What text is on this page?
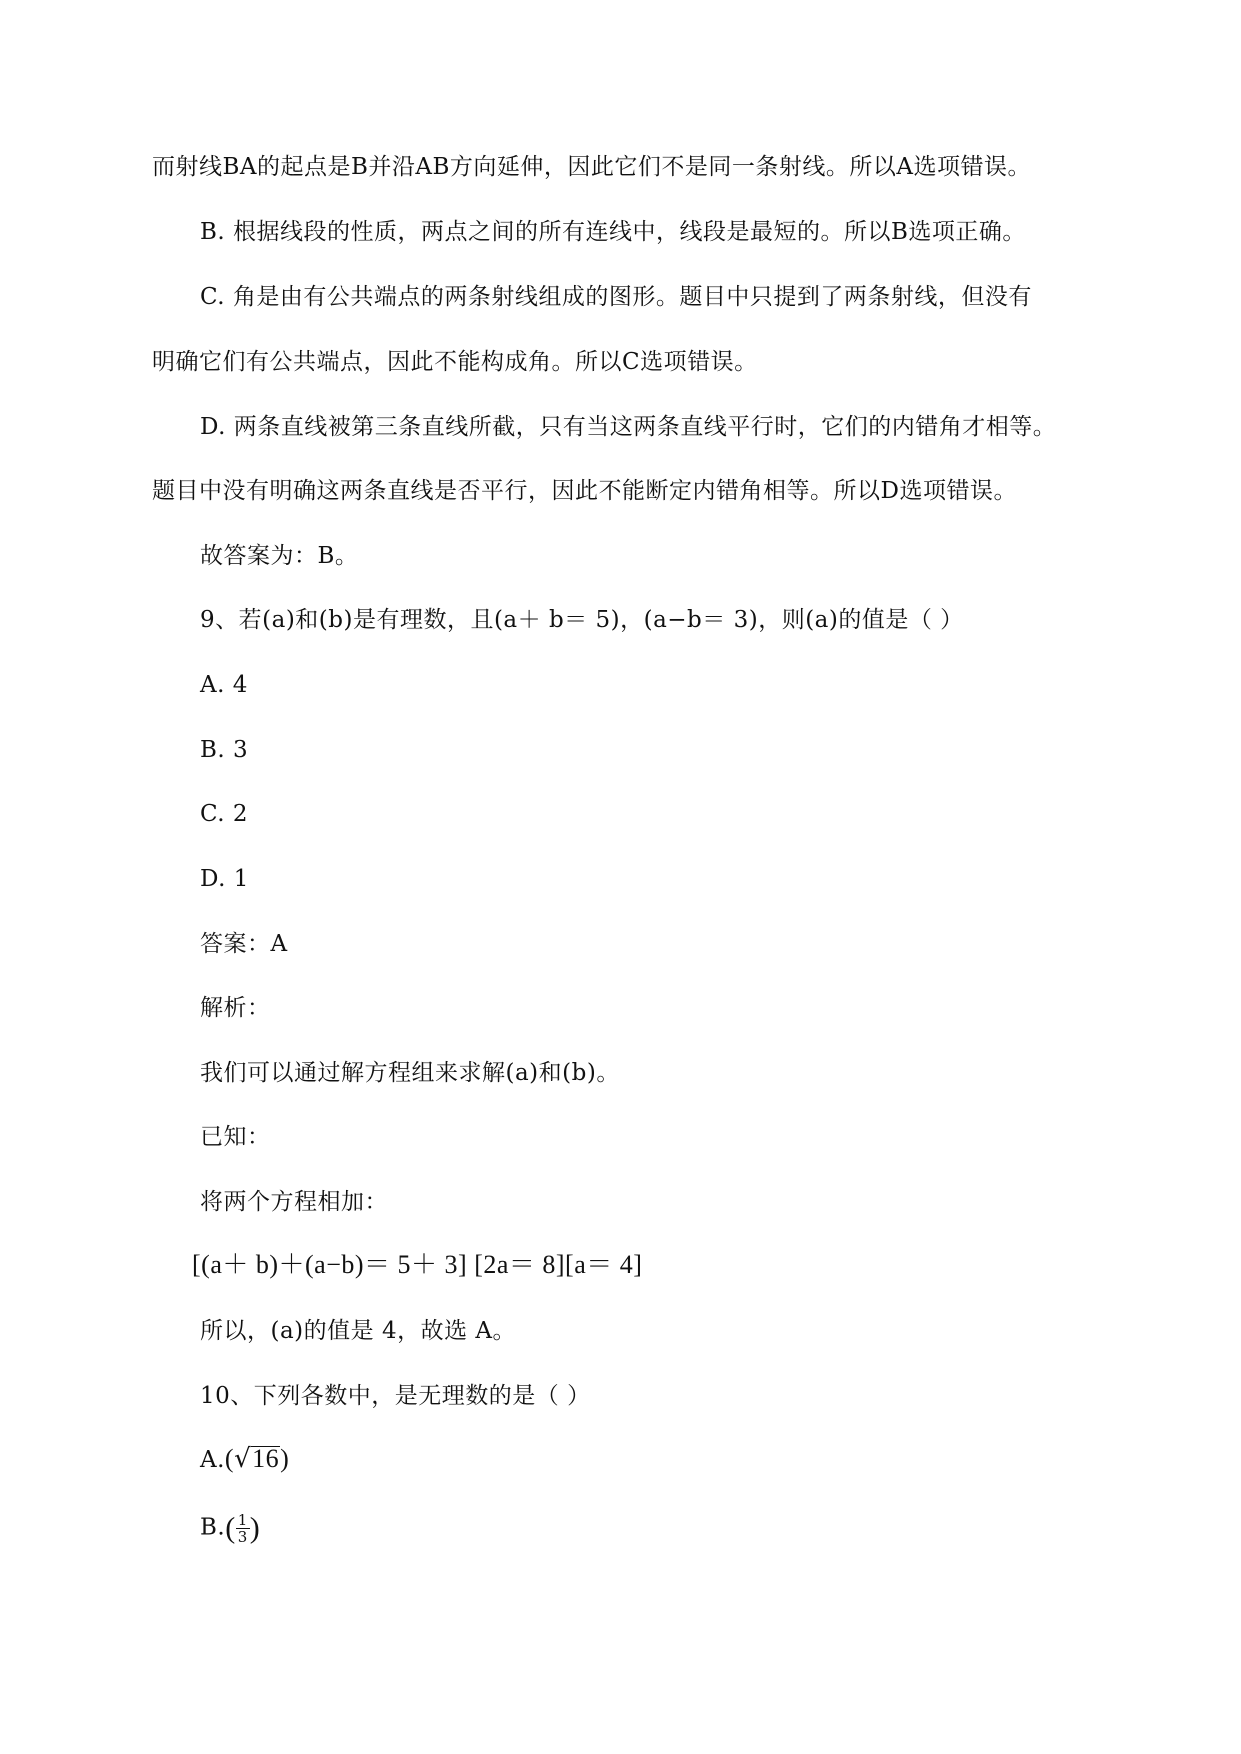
而射线BA的起点是B并沿AB方向延伸，因此它们不是同一条射线。所以A选项错误。
B. 根据线段的性质，两点之间的所有连线中，线段是最短的。所以B选项正确。
C. 角是由有公共端点的两条射线组成的图形。题目中只提到了两条射线，但没有
明确它们有公共端点，因此不能构成角。所以C选项错误。
D. 两条直线被第三条直线所截，只有当这两条直线平行时，它们的内错角才相等。
题目中没有明确这两条直线是否平行，因此不能断定内错角相等。所以D选项错误。
故答案为：B。
9、若(a)和(b)是有理数，且(a＋ b＝ 5)，(a−b＝ 3)，则(a)的值是（ ）
A. 4
B. 3
C. 2
D. 1
答案：A
解析：
我们可以通过解方程组来求解(a)和(b)。
已知：
将两个方程相加：
[(a＋ b)＋(a−b)＝ 5＋ 3] [2a＝ 8][a＝ 4]
所以，(a)的值是 4，故选 A。
10、下列各数中，是无理数的是（ ）
A.(√16)
$B.( \frac{1}{3}$ )
